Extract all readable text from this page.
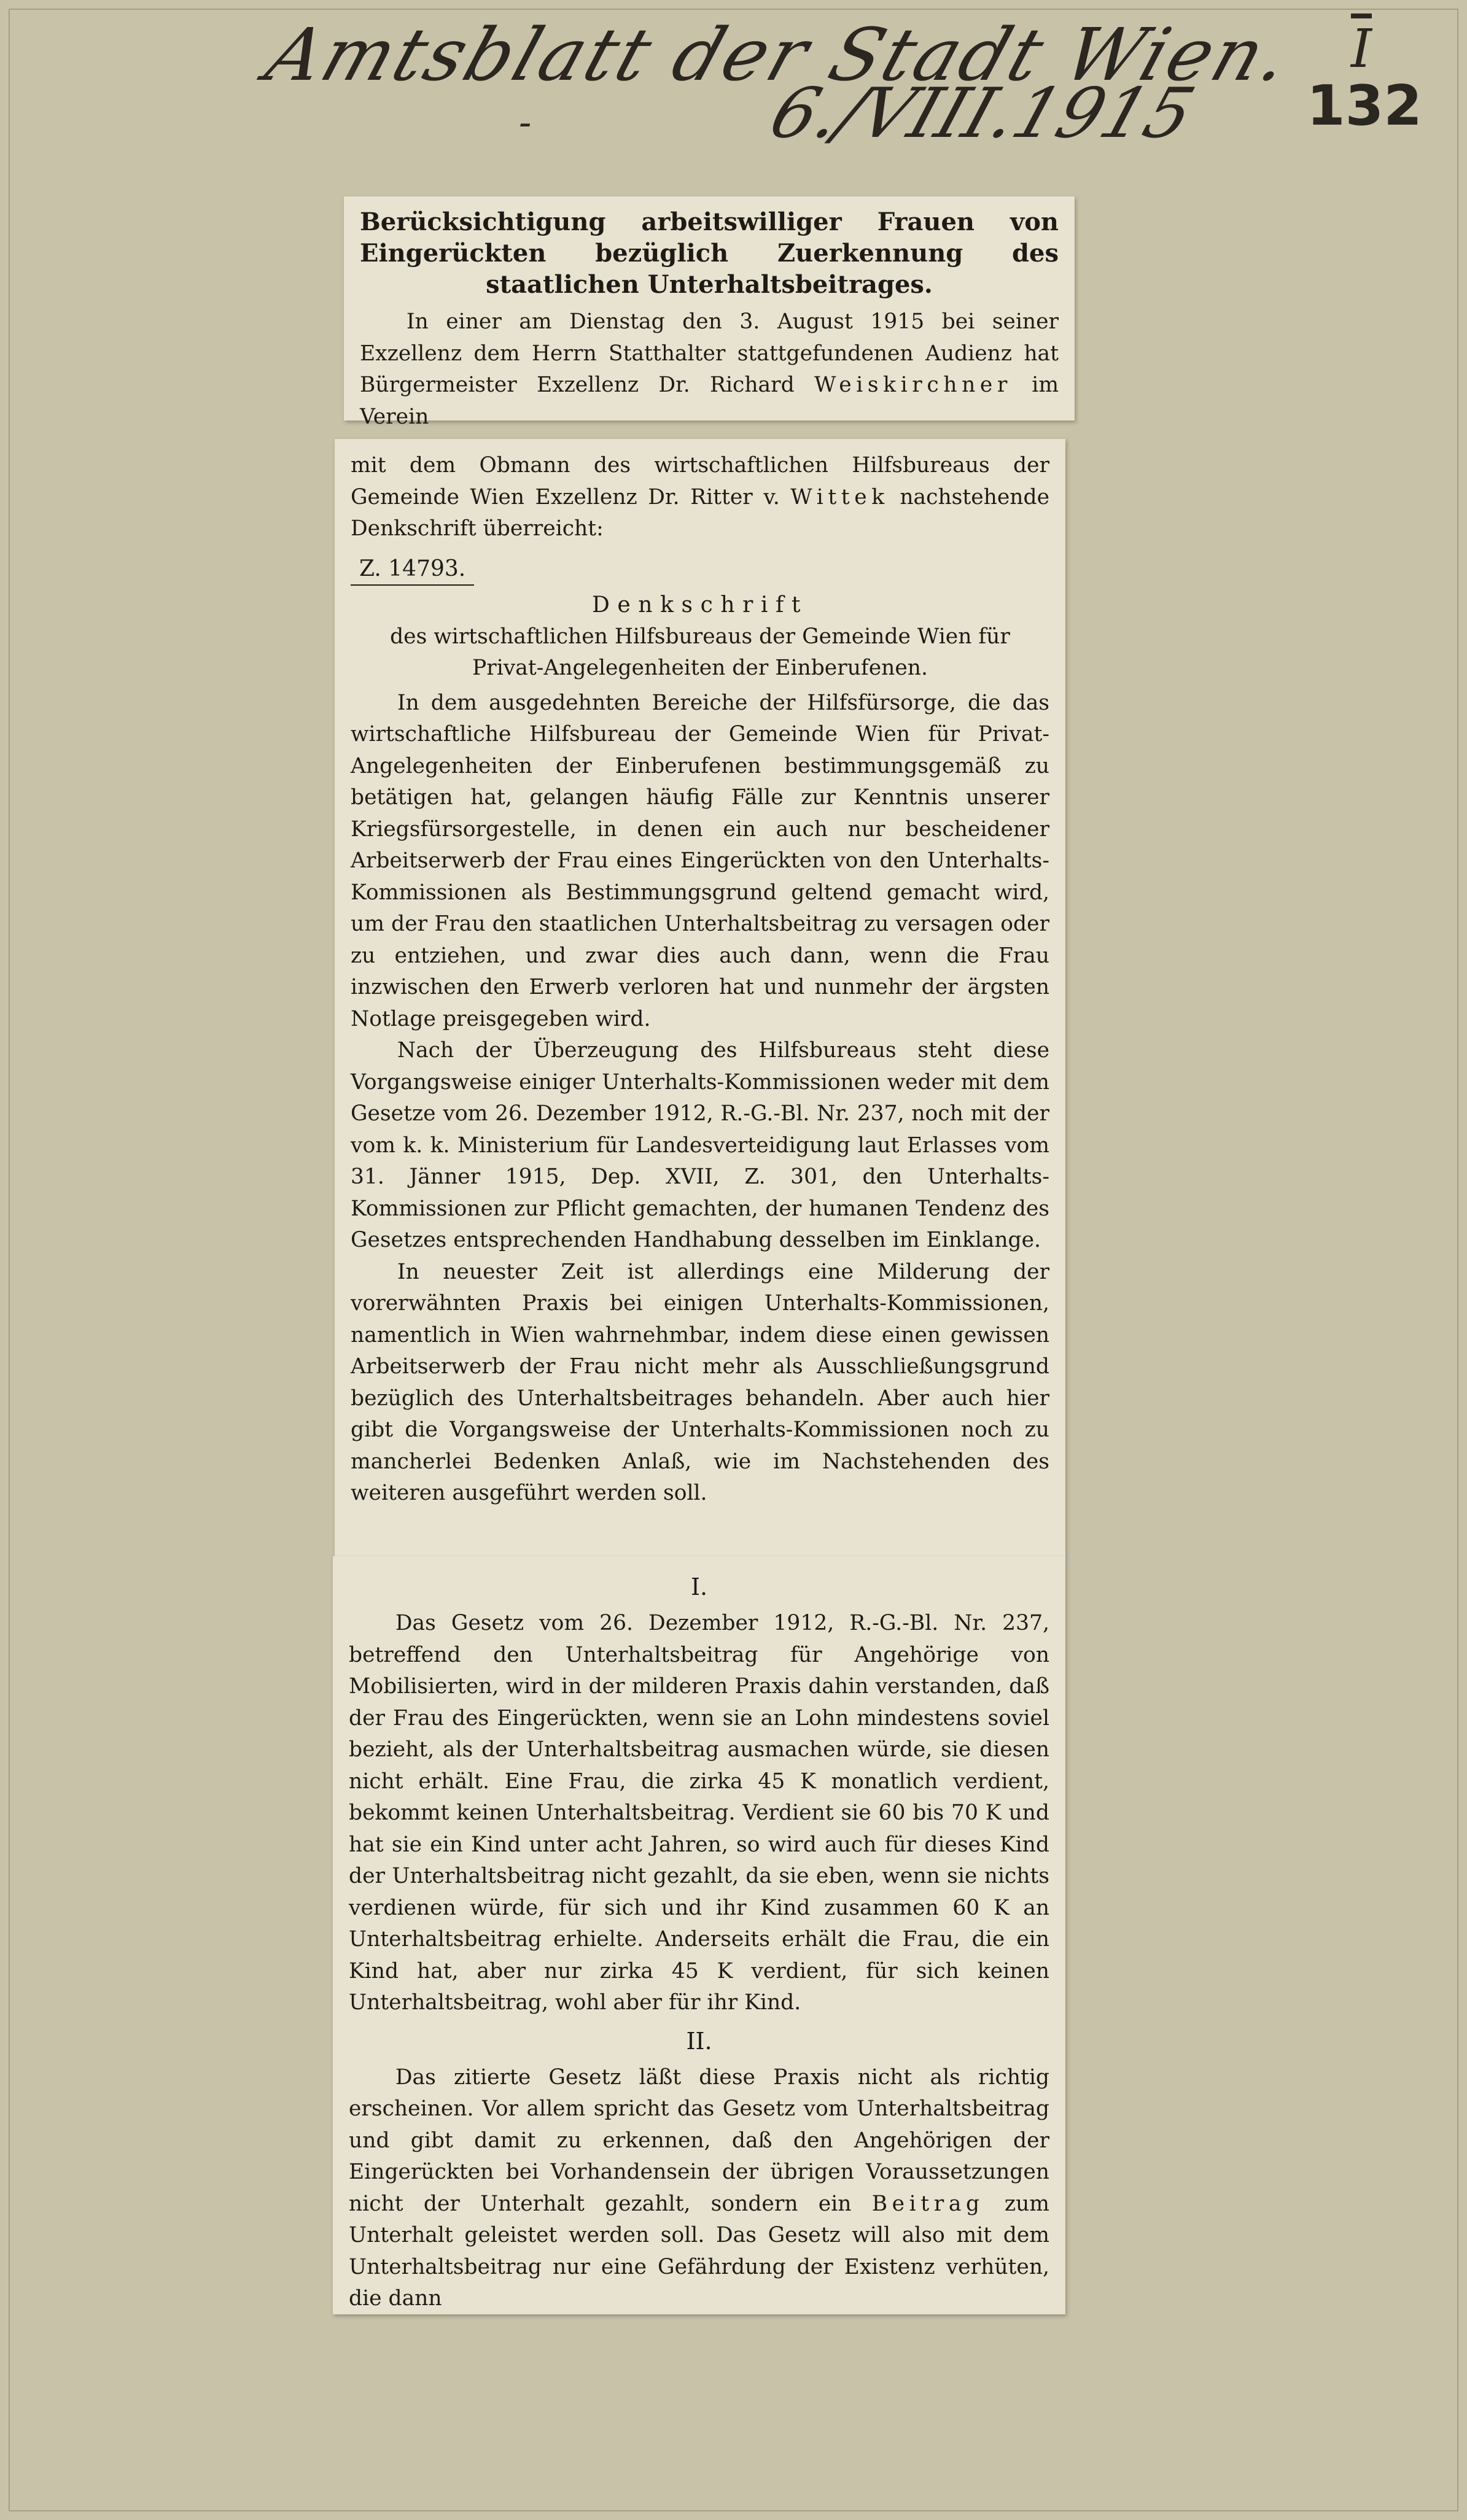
Amtsblatt der Stadt Wien. $\overline{I}$
-	6./VIII.1915 132
Berücksichtigung arbeitswilliger Frauen von Eingerückten bezüglich Zuerkennung des staatlichen Unterhaltsbeitrages.

In einer am Dienstag den 3. August 1915 bei seiner Exzellenz dem Herrn Statthalter stattgefundenen Audienz hat Bürgermeister Exzellenz Dr. Richard Weiskirchner im Verein

mit dem Obmann des wirtschaftlichen Hilfsbureaus der Gemeinde Wien Exzellenz Dr. Ritter v. Wittek nachstehende Denkschrift überreicht:

Z. 14793.
Denkschrift
des wirtschaftlichen Hilfsbureaus der Gemeinde Wien für Privat-Angelegenheiten der Einberufenen.

In dem ausgedehnten Bereiche der Hilfsfürsorge, die das wirtschaftliche Hilfsbureau der Gemeinde Wien für Privat-Angelegenheiten der Einberufenen bestimmungsgemäß zu betätigen hat, gelangen häufig Fälle zur Kenntnis unserer Kriegsfürsorgestelle, in denen ein auch nur bescheidener Arbeitserwerb der Frau eines Eingerückten von den Unterhalts-Kommissionen als Bestimmungsgrund geltend gemacht wird, um der Frau den staatlichen Unterhaltsbeitrag zu versagen oder zu entziehen, und zwar dies auch dann, wenn die Frau inzwischen den Erwerb verloren hat und nunmehr der ärgsten Notlage preisgegeben wird.

Nach der Überzeugung des Hilfsbureaus steht diese Vorgangsweise einiger Unterhalts-Kommissionen weder mit dem Gesetze vom 26. Dezember 1912, R.-G.-Bl. Nr. 237, noch mit der vom k. k. Ministerium für Landesverteidigung laut Erlasses vom 31. Jänner 1915, Dep. XVII, Z. 301, den Unterhalts-Kommissionen zur Pflicht gemachten, der humanen Tendenz des Gesetzes entsprechenden Handhabung desselben im Einklange.

In neuester Zeit ist allerdings eine Milderung der vorerwähnten Praxis bei einigen Unterhalts-Kommissionen, namentlich in Wien wahrnehmbar, indem diese einen gewissen Arbeitserwerb der Frau nicht mehr als Ausschließungsgrund bezüglich des Unterhaltsbeitrages behandeln. Aber auch hier gibt die Vorgangsweise der Unterhalts-Kommissionen noch zu mancherlei Bedenken Anlaß, wie im Nachstehenden des weiteren ausgeführt werden soll.

I.

Das Gesetz vom 26. Dezember 1912, R.-G.-Bl. Nr. 237, betreffend den Unterhaltsbeitrag für Angehörige von Mobilisierten, wird in der milderen Praxis dahin verstanden, daß der Frau des Eingerückten, wenn sie an Lohn mindestens soviel bezieht, als der Unterhaltsbeitrag ausmachen würde, sie diesen nicht erhält. Eine Frau, die zirka 45 K monatlich verdient, bekommt keinen Unterhaltsbeitrag. Verdient sie 60 bis 70 K und hat sie ein Kind unter acht Jahren, so wird auch für dieses Kind der Unterhaltsbeitrag nicht gezahlt, da sie eben, wenn sie nichts verdienen würde, für sich und ihr Kind zusammen 60 K an Unterhaltsbeitrag erhielte. Anderseits erhält die Frau, die ein Kind hat, aber nur zirka 45 K verdient, für sich keinen Unterhaltsbeitrag, wohl aber für ihr Kind.

II.

Das zitierte Gesetz läßt diese Praxis nicht als richtig erscheinen. Vor allem spricht das Gesetz vom Unterhaltsbeitrag und gibt damit zu erkennen, daß den Angehörigen der Eingerückten bei Vorhandensein der übrigen Voraussetzungen nicht der Unterhalt gezahlt, sondern ein Beitrag zum Unterhalt geleistet werden soll. Das Gesetz will also mit dem Unterhaltsbeitrag nur eine Gefährdung der Existenz verhüten, die dann
